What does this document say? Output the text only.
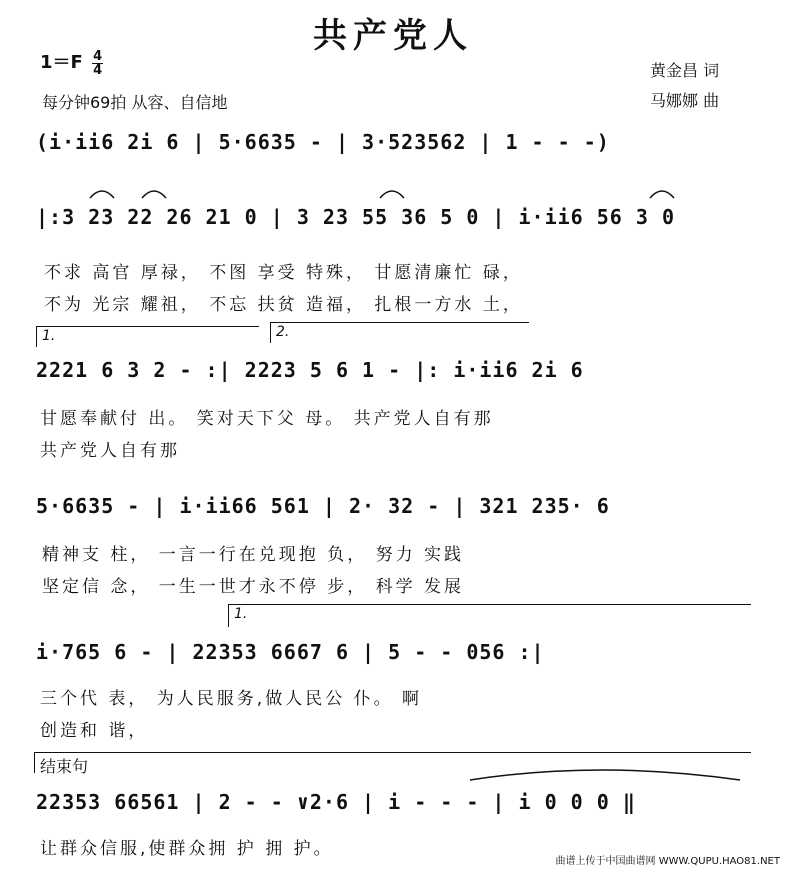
共产党人
$1=F \frac{4}{4}$	黄金昌 词
马娜娜 曲
每分钟69拍 从容、自信地
(i·ii6 2i 6 | 5·6635 - | 3·523562 | 1 - - -)
|:3 23 22 26 21 0 | 3 23 55 36 5 0 | i·ii6 56 3 0
不求 高官 厚禄， 不图 享受 特殊， 甘愿清廉忙 碌，
不为 光宗 耀祖， 不忘 扶贫 造福， 扎根一方水 土，
1.	2.
2221 6 3 2 - :| 2223 5 6 1 - |: i·ii6 2i 6
甘愿奉献付 出。 笑对天下父 母。 共产党人自有那
共产党人自有那
5·6635 - | i·ii66 561 | 2· 32 - | 321 235· 6
精神支 柱， 一言一行在兑现抱 负， 努力 实践
坚定信 念， 一生一世才永不停 步， 科学 发展
1.
i·765 6 - | 22353 6667 6 | 5 - - 056 :|
三个代 表， 为人民服务,做人民公 仆。 啊
创造和 谐，
结束句
22353 66561 | 2 - - ∨2·6 | i - - - | i 0 0 0 ‖
让群众信服,使群众拥 护 拥 护。
曲谱上传于中国曲谱网 WWW.QUPU.HAO81.NET
